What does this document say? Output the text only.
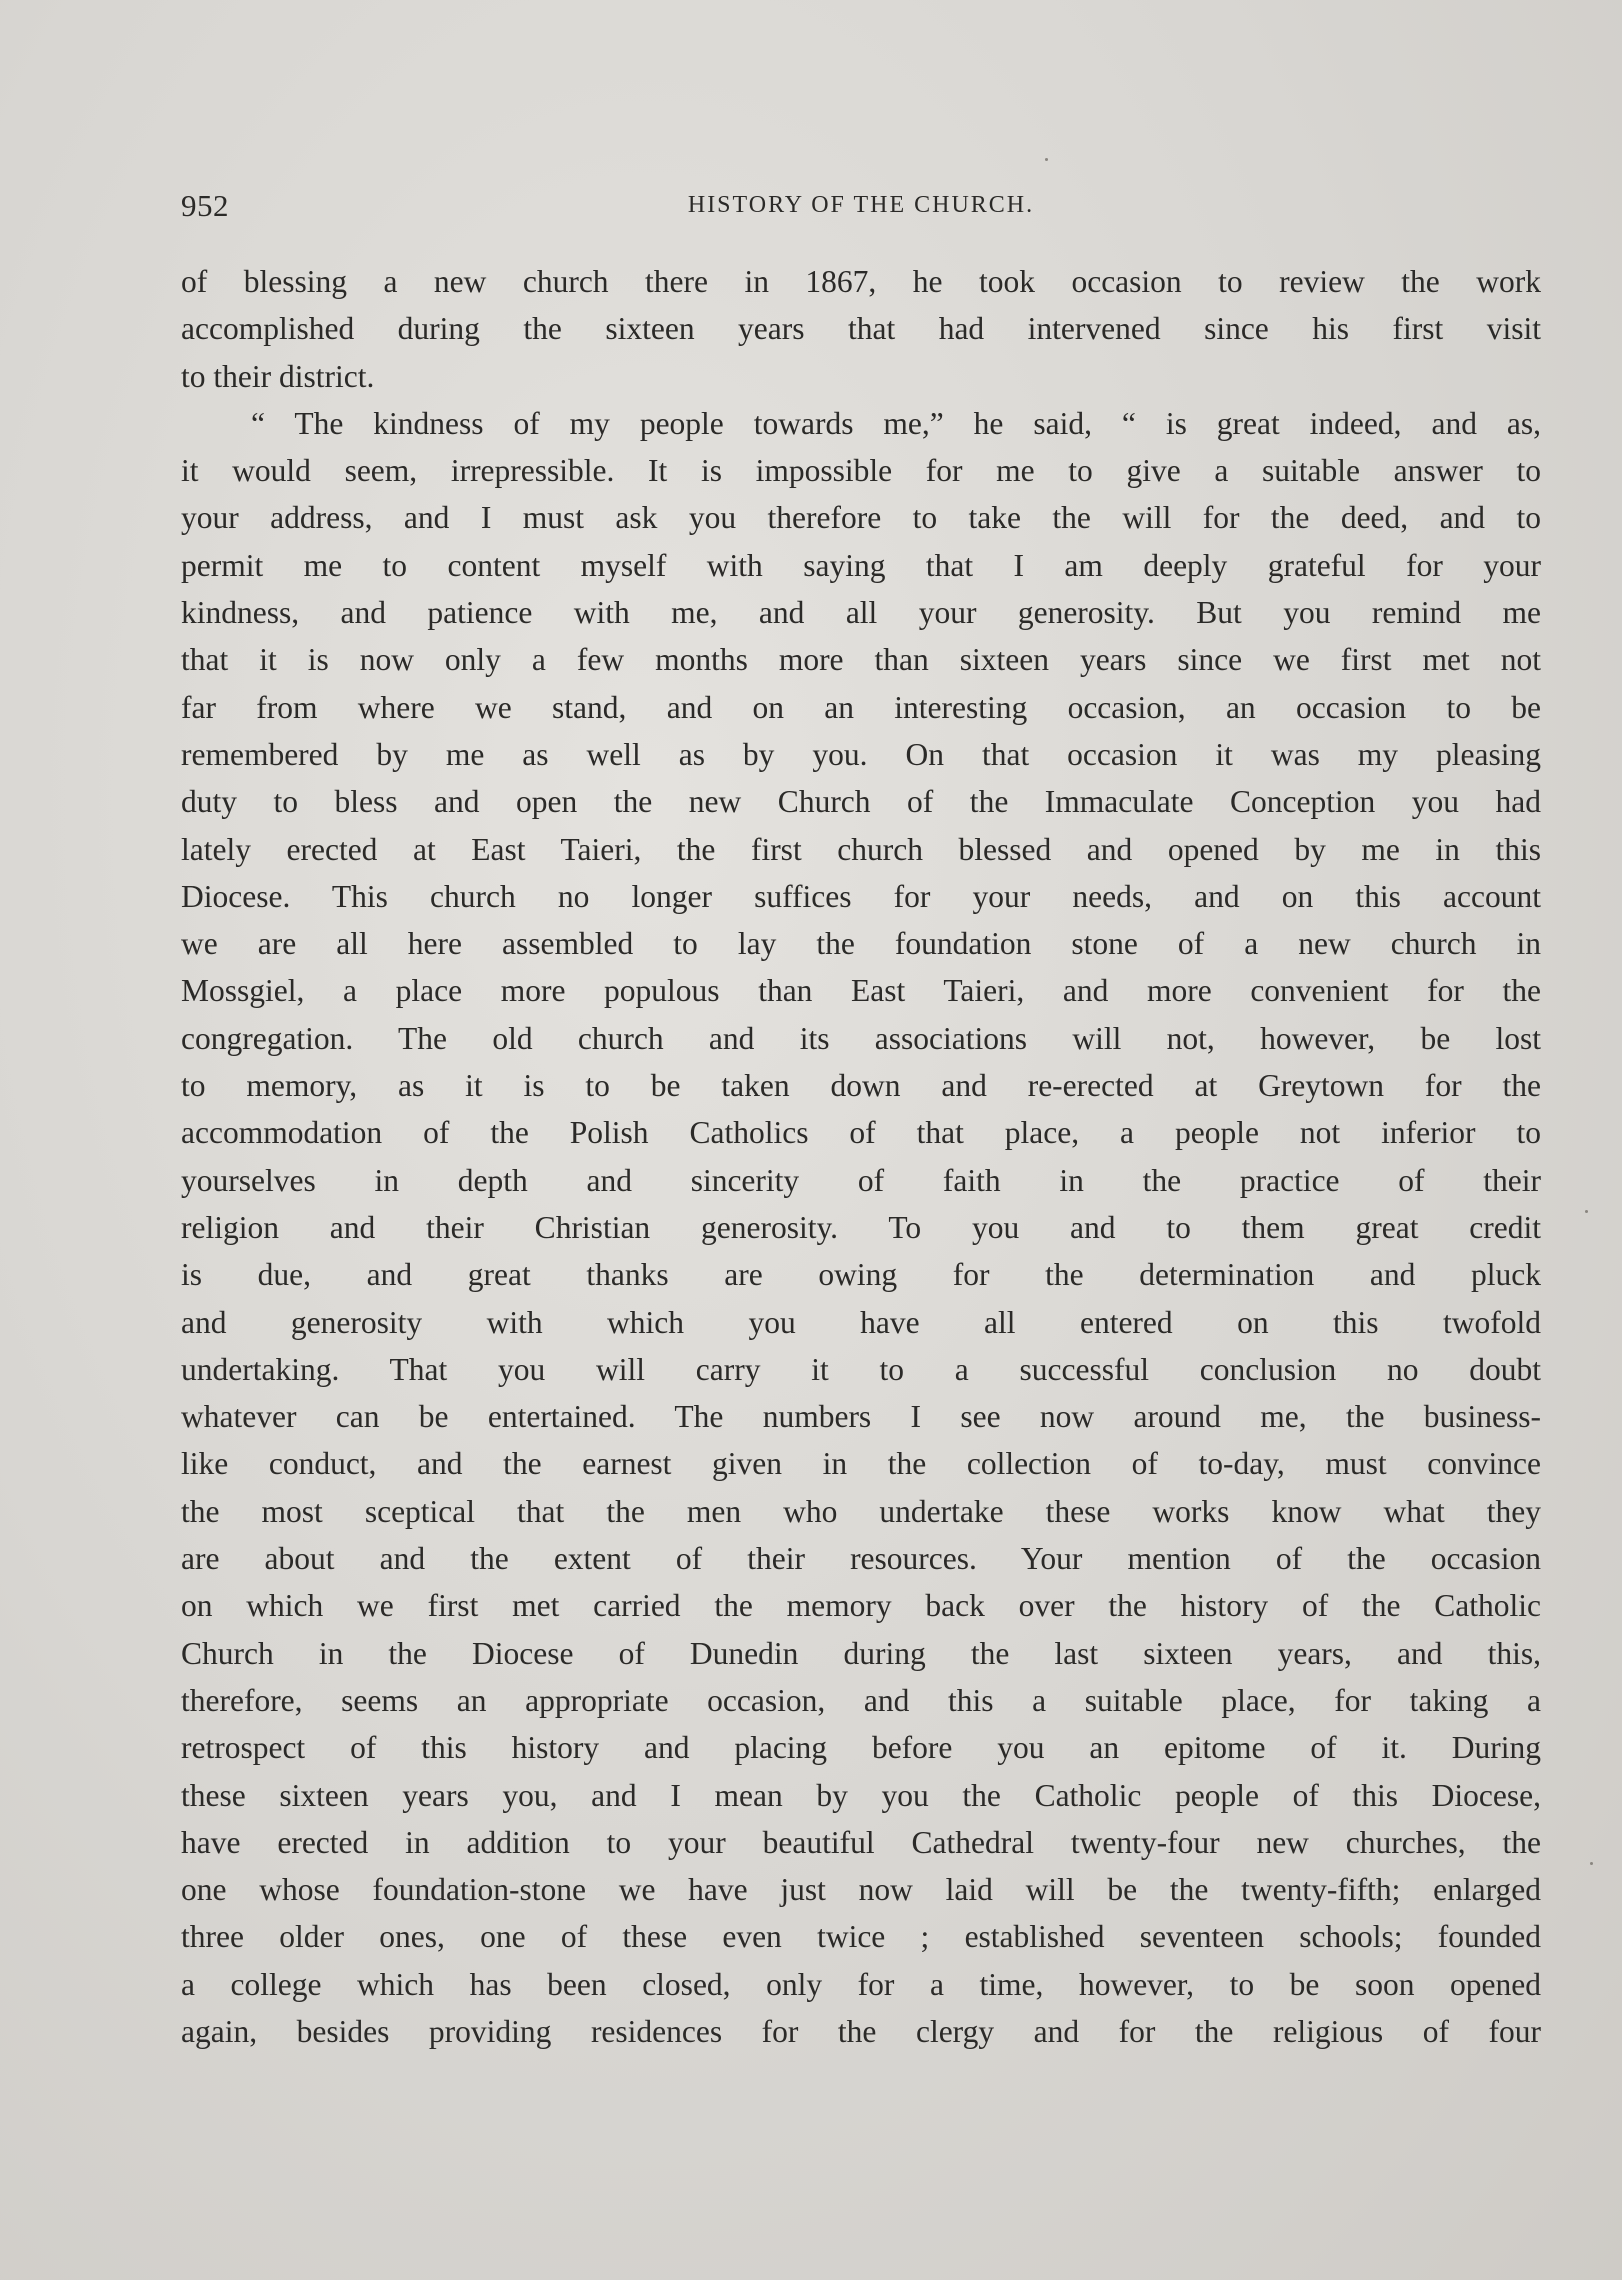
952	HISTORY OF THE CHURCH.
of blessing a new church there in 1867, he took occasion to review the work
accomplished during the sixteen years that had intervened since his first visit
to their district.
“ The kindness of my people towards me,” he said, “ is great indeed, and as,
it would seem, irrepressible. It is impossible for me to give a suitable answer to
your address, and I must ask you therefore to take the will for the deed, and to
permit me to content myself with saying that I am deeply grateful for your
kindness, and patience with me, and all your generosity. But you remind me
that it is now only a few months more than sixteen years since we first met not
far from where we stand, and on an interesting occasion, an occasion to be
remembered by me as well as by you. On that occasion it was my pleasing
duty to bless and open the new Church of the Immaculate Conception you had
lately erected at East Taieri, the first church blessed and opened by me in this
Diocese. This church no longer suffices for your needs, and on this account
we are all here assembled to lay the foundation stone of a new church in
Mossgiel, a place more populous than East Taieri, and more convenient for the
congregation. The old church and its associations will not, however, be lost
to memory, as it is to be taken down and re-erected at Greytown for the
accommodation of the Polish Catholics of that place, a people not inferior to
yourselves in depth and sincerity of faith in the practice of their
religion and their Christian generosity. To you and to them great credit
is due, and great thanks are owing for the determination and pluck
and generosity with which you have all entered on this twofold
undertaking. That you will carry it to a successful conclusion no doubt
whatever can be entertained. The numbers I see now around me, the business-
like conduct, and the earnest given in the collection of to-day, must convince
the most sceptical that the men who undertake these works know what they
are about and the extent of their resources. Your mention of the occasion
on which we first met carried the memory back over the history of the Catholic
Church in the Diocese of Dunedin during the last sixteen years, and this,
therefore, seems an appropriate occasion, and this a suitable place, for taking a
retrospect of this history and placing before you an epitome of it. During
these sixteen years you, and I mean by you the Catholic people of this Diocese,
have erected in addition to your beautiful Cathedral twenty-four new churches, the
one whose foundation-stone we have just now laid will be the twenty-fifth; enlarged
three older ones, one of these even twice ; established seventeen schools; founded
a college which has been closed, only for a time, however, to be soon opened
again, besides providing residences for the clergy and for the religious of four
